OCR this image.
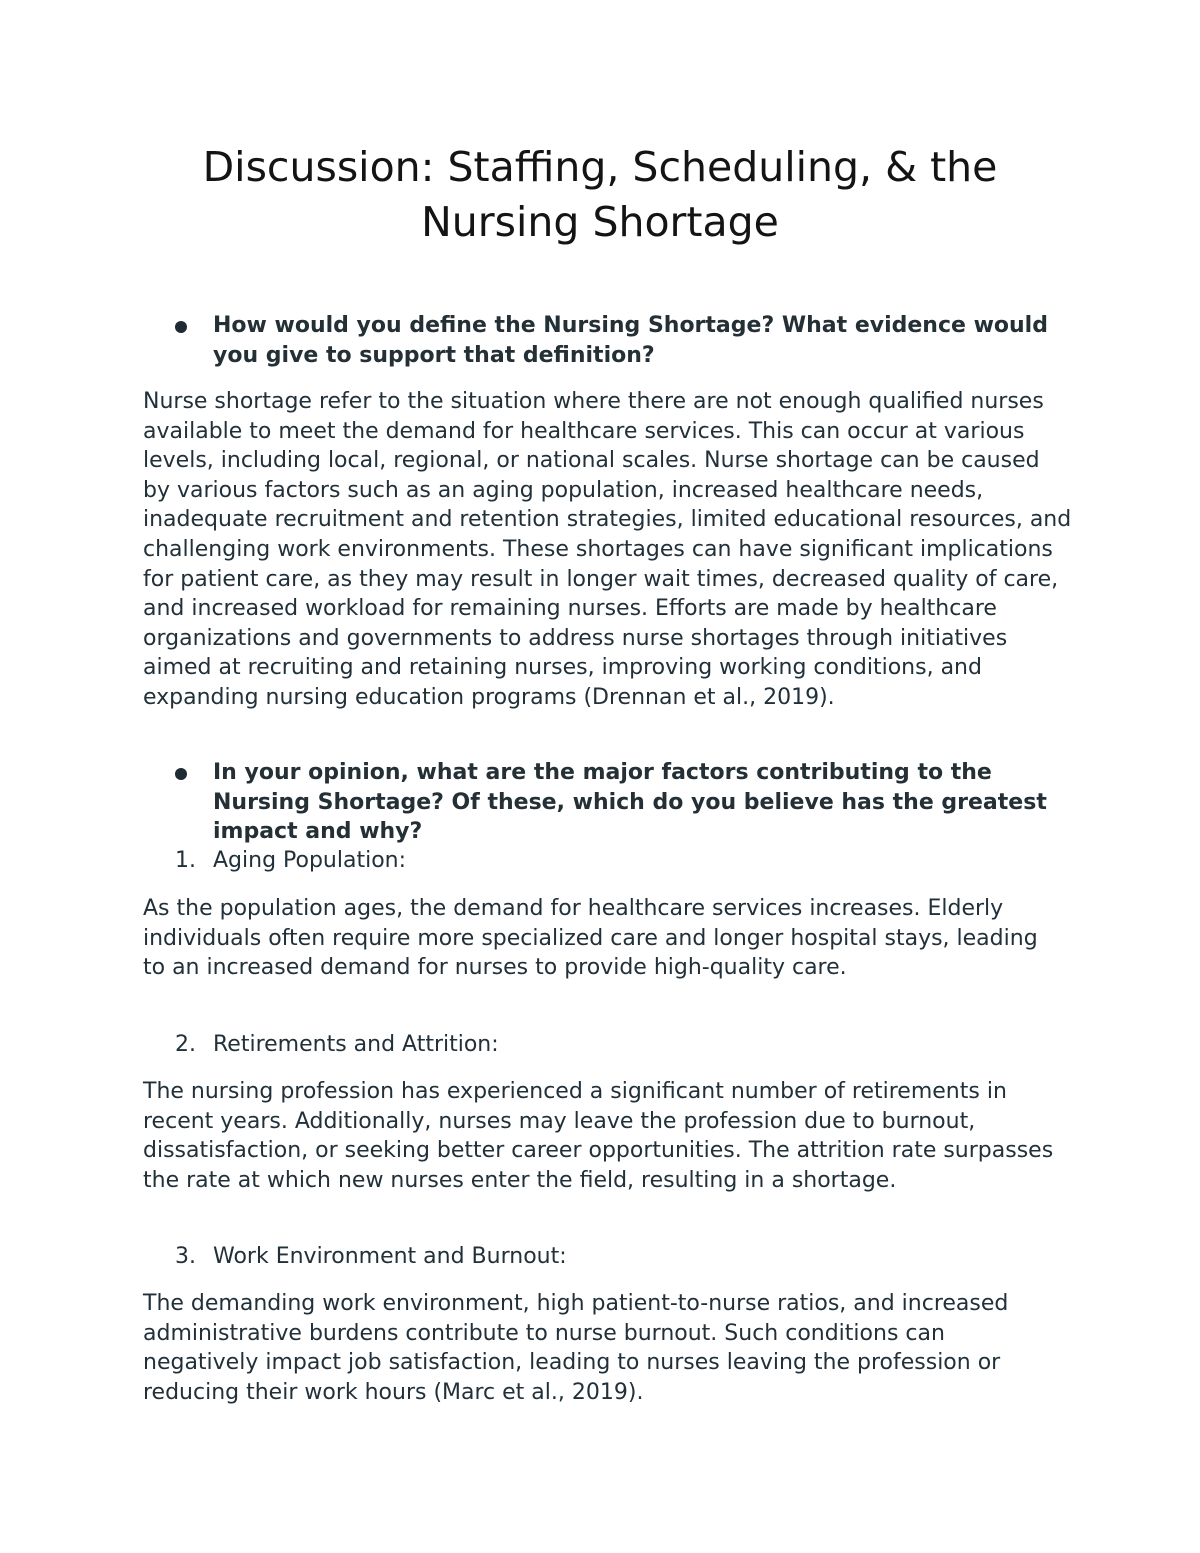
Discussion: Staffing, Scheduling, & the
Nursing Shortage

How would you define the Nursing Shortage? What evidence would you give to support that definition?

Nurse shortage refer to the situation where there are not enough qualified nurses available to meet the demand for healthcare services. This can occur at various levels, including local, regional, or national scales. Nurse shortage can be caused by various factors such as an aging population, increased healthcare needs, inadequate recruitment and retention strategies, limited educational resources, and challenging work environments. These shortages can have significant implications for patient care, as they may result in longer wait times, decreased quality of care, and increased workload for remaining nurses. Efforts are made by healthcare organizations and governments to address nurse shortages through initiatives aimed at recruiting and retaining nurses, improving working conditions, and expanding nursing education programs (Drennan et al., 2019).

In your opinion, what are the major factors contributing to the Nursing Shortage? Of these, which do you believe has the greatest impact and why?

1. Aging Population:

As the population ages, the demand for healthcare services increases. Elderly individuals often require more specialized care and longer hospital stays, leading to an increased demand for nurses to provide high-quality care.

2. Retirements and Attrition:

The nursing profession has experienced a significant number of retirements in recent years. Additionally, nurses may leave the profession due to burnout, dissatisfaction, or seeking better career opportunities. The attrition rate surpasses the rate at which new nurses enter the field, resulting in a shortage.

3. Work Environment and Burnout:

The demanding work environment, high patient-to-nurse ratios, and increased administrative burdens contribute to nurse burnout. Such conditions can negatively impact job satisfaction, leading to nurses leaving the profession or reducing their work hours (Marc et al., 2019).
